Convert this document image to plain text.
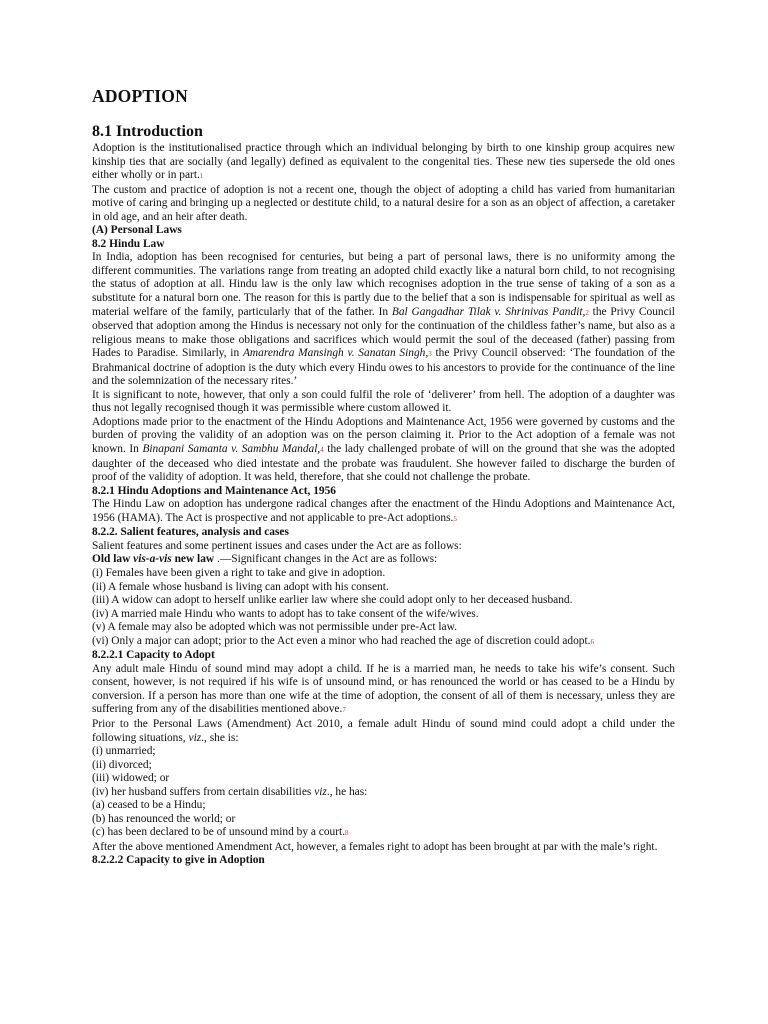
ADOPTION
8.1 Introduction

Adoption is the institutionalised practice through which an individual belonging by birth to one kinship group acquires new kinship ties that are socially (and legally) defined as equivalent to the congenital ties. These new ties supersede the old ones either wholly or in part.1

The custom and practice of adoption is not a recent one, though the object of adopting a child has varied from humanitarian motive of caring and bringing up a neglected or destitute child, to a natural desire for a son as an object of affection, a caretaker in old age, and an heir after death.

(A) Personal Laws

8.2 Hindu Law

In India, adoption has been recognised for centuries, but being a part of personal laws, there is no uniformity among the different communities. The variations range from treating an adopted child exactly like a natural born child, to not recognising the status of adoption at all. Hindu law is the only law which recognises adoption in the true sense of taking of a son as a substitute for a natural born one. The reason for this is partly due to the belief that a son is indispensable for spiritual as well as material welfare of the family, particularly that of the father. In Bal Gangadhar Tilak v. Shrinivas Pandit,2 the Privy Council observed that adoption among the Hindus is necessary not only for the continuation of the childless father’s name, but also as a religious means to make those obligations and sacrifices which would permit the soul of the deceased (father) passing from Hades to Paradise. Similarly, in Amarendra Mansingh v. Sanatan Singh,3 the Privy Council observed: ‘The foundation of the Brahmanical doctrine of adoption is the duty which every Hindu owes to his ancestors to provide for the continuance of the line and the solemnization of the necessary rites.’

It is significant to note, however, that only a son could fulfil the role of ‘deliverer’ from hell. The adoption of a daughter was thus not legally recognised though it was permissible where custom allowed it.

Adoptions made prior to the enactment of the Hindu Adoptions and Maintenance Act, 1956 were governed by customs and the burden of proving the validity of an adoption was on the person claiming it. Prior to the Act adoption of a female was not known. In Binapani Samanta v. Sambhu Mandal,4 the lady challenged probate of will on the ground that she was the adopted daughter of the deceased who died intestate and the probate was fraudulent. She however failed to discharge the burden of proof of the validity of adoption. It was held, therefore, that she could not challenge the probate.

8.2.1 Hindu Adoptions and Maintenance Act, 1956

The Hindu Law on adoption has undergone radical changes after the enactment of the Hindu Adoptions and Maintenance Act, 1956 (HAMA). The Act is prospective and not applicable to pre-Act adoptions.5

8.2.2. Salient features, analysis and cases

Salient features and some pertinent issues and cases under the Act are as follows:

Old law vis-a-vis new law .—Significant changes in the Act are as follows:

(i) Females have been given a right to take and give in adoption.

(ii) A female whose husband is living can adopt with his consent.

(iii) A widow can adopt to herself unlike earlier law where she could adopt only to her deceased husband.

(iv) A married male Hindu who wants to adopt has to take consent of the wife/wives.

(v) A female may also be adopted which was not permissible under pre-Act law.

(vi) Only a major can adopt; prior to the Act even a minor who had reached the age of discretion could adopt.6

8.2.2.1 Capacity to Adopt

Any adult male Hindu of sound mind may adopt a child. If he is a married man, he needs to take his wife’s consent. Such consent, however, is not required if his wife is of unsound mind, or has renounced the world or has ceased to be a Hindu by conversion. If a person has more than one wife at the time of adoption, the consent of all of them is necessary, unless they are suffering from any of the disabilities mentioned above.7

Prior to the Personal Laws (Amendment) Act 2010, a female adult Hindu of sound mind could adopt a child under the following situations, viz., she is:

(i) unmarried;

(ii) divorced;

(iii) widowed; or

(iv) her husband suffers from certain disabilities viz., he has:

(a) ceased to be a Hindu;

(b) has renounced the world; or

(c) has been declared to be of unsound mind by a court.8

After the above mentioned Amendment Act, however, a females right to adopt has been brought at par with the male’s right.

8.2.2.2 Capacity to give in Adoption
